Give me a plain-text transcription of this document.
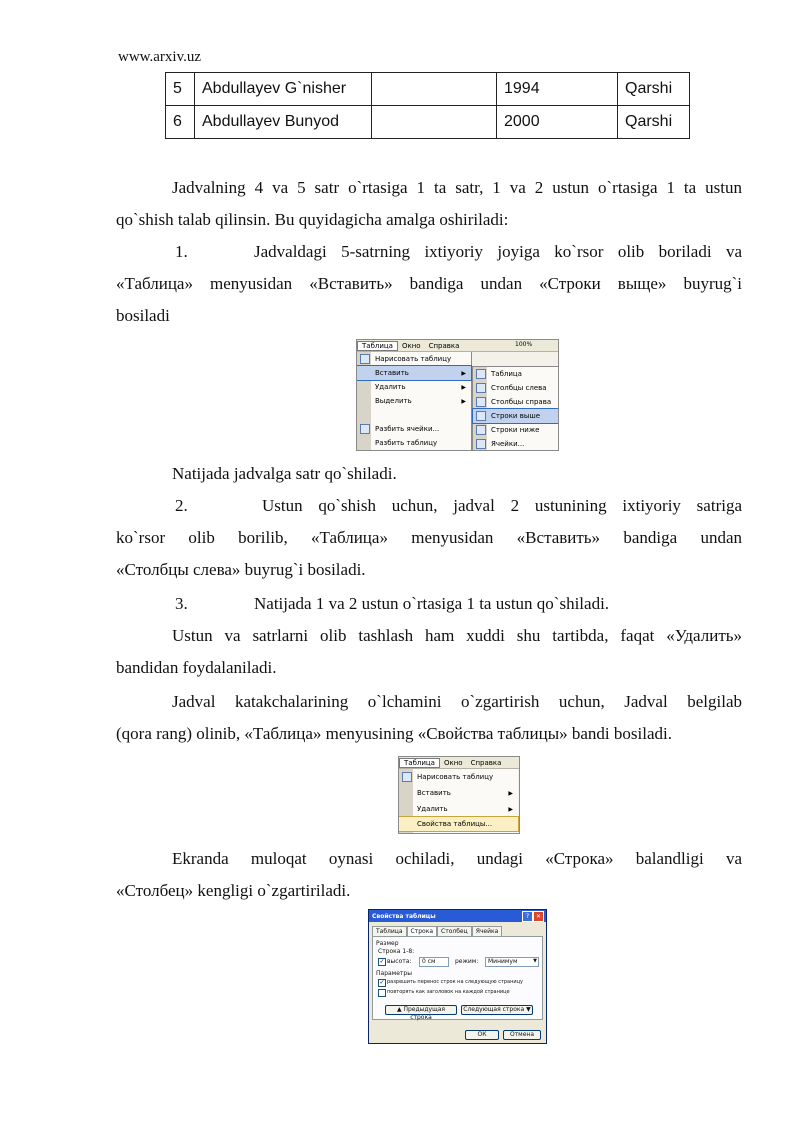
www.arxiv.uz
5	Abdullayev G`nisher		1994	Qarshi
6	Abdullayev Bunyod		2000	Qarshi
Jadvalning 4 va 5 satr o`rtasiga 1 ta satr, 1 va 2 ustun o`rtasiga 1 ta ustun
qo`shish talab qilinsin. Bu quyidagicha amalga oshiriladi:
1.	Jadvaldagi 5-satrning ixtiyoriy joyiga ko`rsor olib boriladi va
«Таблица» menyusidan «Вставить» bandiga undan «Строки выще» buyrug`i
bosiladi
Таблица	Окно	Справка
Нарисовать таблицу
Вставить	▶
Удалить	▶
Выделить	▶
Разбить ячейки...
Разбить таблицу
100%
Таблица
Столбцы слева
Столбцы справа
Строки выше
Строки ниже
Ячейки...
Natijada jadvalga satr qo`shiladi.
2.	Ustun qo`shish uchun, jadval 2 ustunining ixtiyoriy satriga
ko`rsor olib borilib, «Таблица» menyusidan «Вставить» bandiga undan
«Столбцы слева» buyrug`i bosiladi.
3.	Natijada 1 va 2 ustun o`rtasiga 1 ta ustun qo`shiladi.
Ustun va satrlarni olib tashlash ham xuddi shu tartibda, faqat «Удалить»
bandidan foydalaniladi.
Jadval katakchalarining o`lchamini o`zgartirish uchun, Jadval belgilab
(qora rang) olinib, «Таблица» menyusining «Свойства таблицы» bandi bosiladi.
Таблица	Окно	Справка
Нарисовать таблицу
Вставить	▶
Удалить	▶
Свойства таблицы...
Ekranda muloqat oynasi ochiladi, undagi «Строка» balandligi va
«Столбец» kengligi o`zgartiriladi.
Свойства таблицы	?	✕
Таблица	Строка	Столбец	Ячейка
Размер
Строка 1-8:
✓ высота:	0 см	режим:	Минимум	▼
Параметры
✓ разрешить перенос строк на следующую страницу
повторять как заголовок на каждой странице
▲ Предыдущая строка
Следующая строка ▼
ОК	Отмена
